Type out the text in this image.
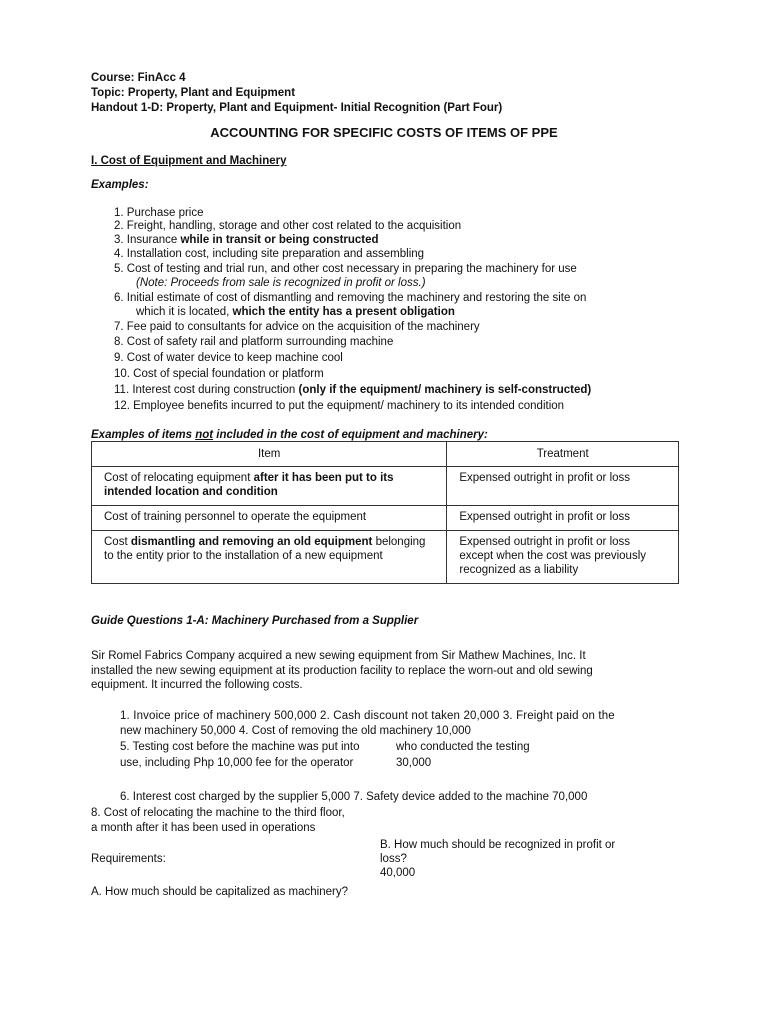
Course: FinAcc 4
Topic: Property, Plant and Equipment
Handout 1-D: Property, Plant and Equipment- Initial Recognition (Part Four)
ACCOUNTING FOR SPECIFIC COSTS OF ITEMS OF PPE
I. Cost of Equipment and Machinery
Examples:
1. Purchase price
2. Freight, handling, storage and other cost related to the acquisition
3. Insurance while in transit or being constructed
4. Installation cost, including site preparation and assembling
5. Cost of testing and trial run, and other cost necessary in preparing the machinery for use
(Note: Proceeds from sale is recognized in profit or loss.)
6. Initial estimate of cost of dismantling and removing the machinery and restoring the site on
which it is located, which the entity has a present obligation
7. Fee paid to consultants for advice on the acquisition of the machinery
8. Cost of safety rail and platform surrounding machine
9. Cost of water device to keep machine cool
10. Cost of special foundation or platform
11. Interest cost during construction (only if the equipment/ machinery is self-constructed)
12. Employee benefits incurred to put the equipment/ machinery to its intended condition
Examples of items not included in the cost of equipment and machinery:
Item	Treatment

Cost of relocating equipment after it has been put to its intended location and condition	Expensed outright in profit or loss

Cost of training personnel to operate the equipment	Expensed outright in profit or loss

Cost dismantling and removing an old equipment belonging to the entity prior to the installation of a new equipment	Expensed outright in profit or loss except when the cost was previously recognized as a liability
Guide Questions 1-A: Machinery Purchased from a Supplier
Sir Romel Fabrics Company acquired a new sewing equipment from Sir Mathew Machines, Inc. It
installed the new sewing equipment at its production facility to replace the worn-out and old sewing
equipment. It incurred the following costs.
1. Invoice price of machinery 500,000 2. Cash discount not taken 20,000 3. Freight paid on the
new machinery 50,000 4. Cost of removing the old machinery 10,000
5. Testing cost before the machine was put into	who conducted the testing
use, including Php 10,000 fee for the operator	30,000
6. Interest cost charged by the supplier 5,000 7. Safety device added to the machine 70,000
8. Cost of relocating the machine to the third floor,
a month after it has been used in operations
B. How much should be recognized in profit or
loss?
Requirements:
40,000
A. How much should be capitalized as machinery?
